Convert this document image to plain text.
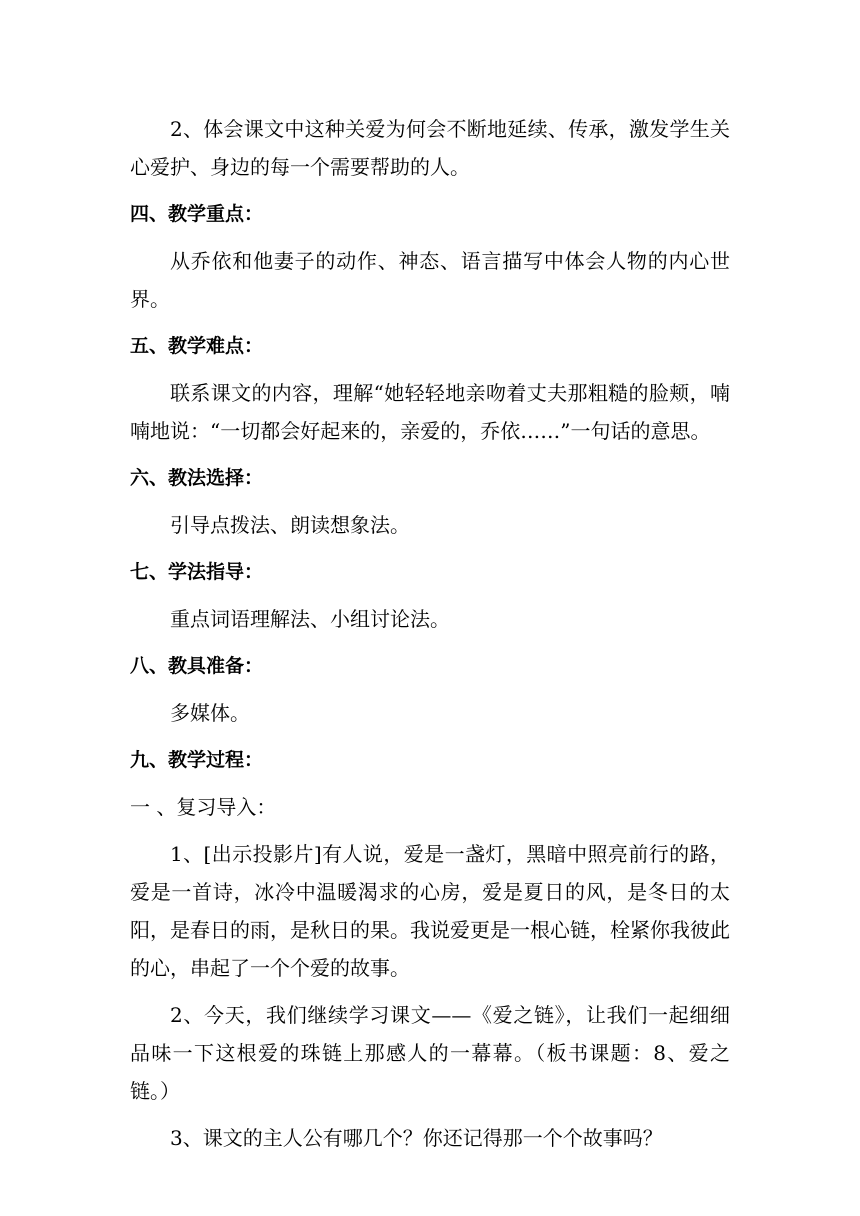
2、体会课文中这种关爱为何会不断地延续、传承，激发学生关心爱护、身边的每一个需要帮助的人。

四、教学重点：

从乔依和他妻子的动作、神态、语言描写中体会人物的内心世界。

五、教学难点：

联系课文的内容，理解“她轻轻地亲吻着丈夫那粗糙的脸颊，喃喃地说：“一切都会好起来的，亲爱的，乔依……”一句话的意思。

六、教法选择：

引导点拨法、朗读想象法。

七、学法指导：

重点词语理解法、小组讨论法。

八、教具准备：

多媒体。

九、教学过程：

一 、复习导入：

1、[出示投影片]有人说，爱是一盏灯，黑暗中照亮前行的路，爱是一首诗，冰冷中温暖渴求的心房，爱是夏日的风，是冬日的太阳，是春日的雨，是秋日的果。我说爱更是一根心链，栓紧你我彼此的心，串起了一个个爱的故事。

2、今天，我们继续学习课文——《爱之链》，让我们一起细细品味一下这根爱的珠链上那感人的一幕幕。（板书课题：8、爱之链。）

3、课文的主人公有哪几个？你还记得那一个个故事吗？
